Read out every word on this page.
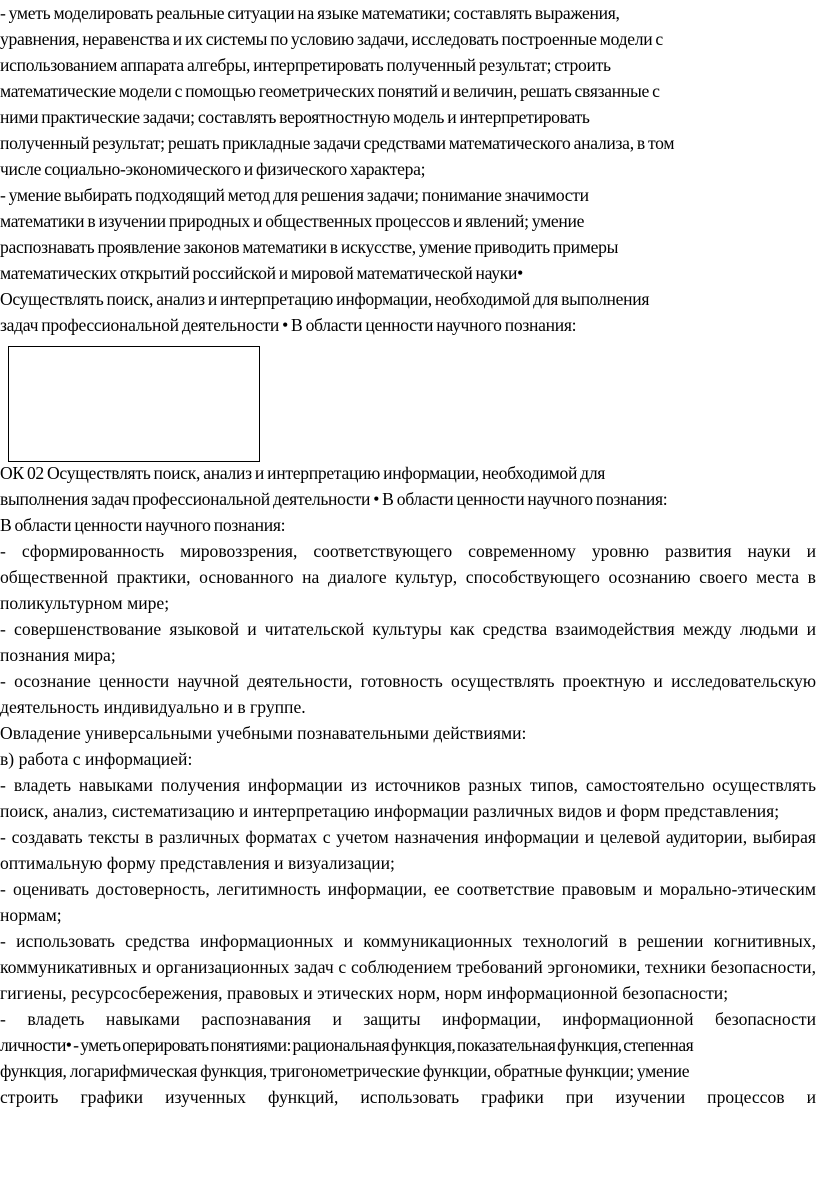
- уметь моделировать реальные ситуации на языке математики; составлять выражения,

уравнения, неравенства и их системы по условию задачи, исследовать построенные модели с

использованием аппарата алгебры, интерпретировать полученный результат; строить

математические модели с помощью геометрических понятий и величин, решать связанные с

ними практические задачи; составлять вероятностную модель и интерпретировать

полученный результат; решать прикладные задачи средствами математического анализа, в том

числе социально-экономического и физического характера;

- умение выбирать подходящий метод для решения задачи; понимание значимости

математики в изучении природных и общественных процессов и явлений; умение

распознавать проявление законов математики в искусстве, умение приводить примеры

математических открытий российской и мировой математической науки•

Осуществлять поиск, анализ и интерпретацию информации, необходимой для выполнения

задач профессиональной деятельности • В области ценности научного познания:

ОК 02 Осуществлять поиск, анализ и интерпретацию информации, необходимой для

выполнения задач профессиональной деятельности • В области ценности научного познания:

В области ценности научного познания:

- сформированность мировоззрения, соответствующего современному уровню развития науки и общественной практики, основанного на диалоге культур, способствующего осознанию своего места в поликультурном мире;

- совершенствование языковой и читательской культуры как средства взаимодействия между людьми и познания мира;

- осознание ценности научной деятельности, готовность осуществлять проектную и исследовательскую деятельность индивидуально и в группе.

Овладение универсальными учебными познавательными действиями:

в) работа с информацией:

- владеть навыками получения информации из источников разных типов, самостоятельно осуществлять поиск, анализ, систематизацию и интерпретацию информации различных видов и форм представления;

- создавать тексты в различных форматах с учетом назначения информации и целевой аудитории, выбирая оптимальную форму представления и визуализации;

- оценивать достоверность, легитимность информации, ее соответствие правовым и морально-этическим нормам;

- использовать средства информационных и коммуникационных технологий в решении когнитивных, коммуникативных и организационных задач с соблюдением требований эргономики, техники безопасности, гигиены, ресурсосбережения, правовых и этических норм, норм информационной безопасности;

- владеть навыками распознавания и защиты информации, информационной безопасности

личности• - уметь оперировать понятиями: рациональная функция, показательная функция, степенная

функция, логарифмическая функция, тригонометрические функции, обратные функции; умение

строить графики изученных функций, использовать графики при изучении процессов и
